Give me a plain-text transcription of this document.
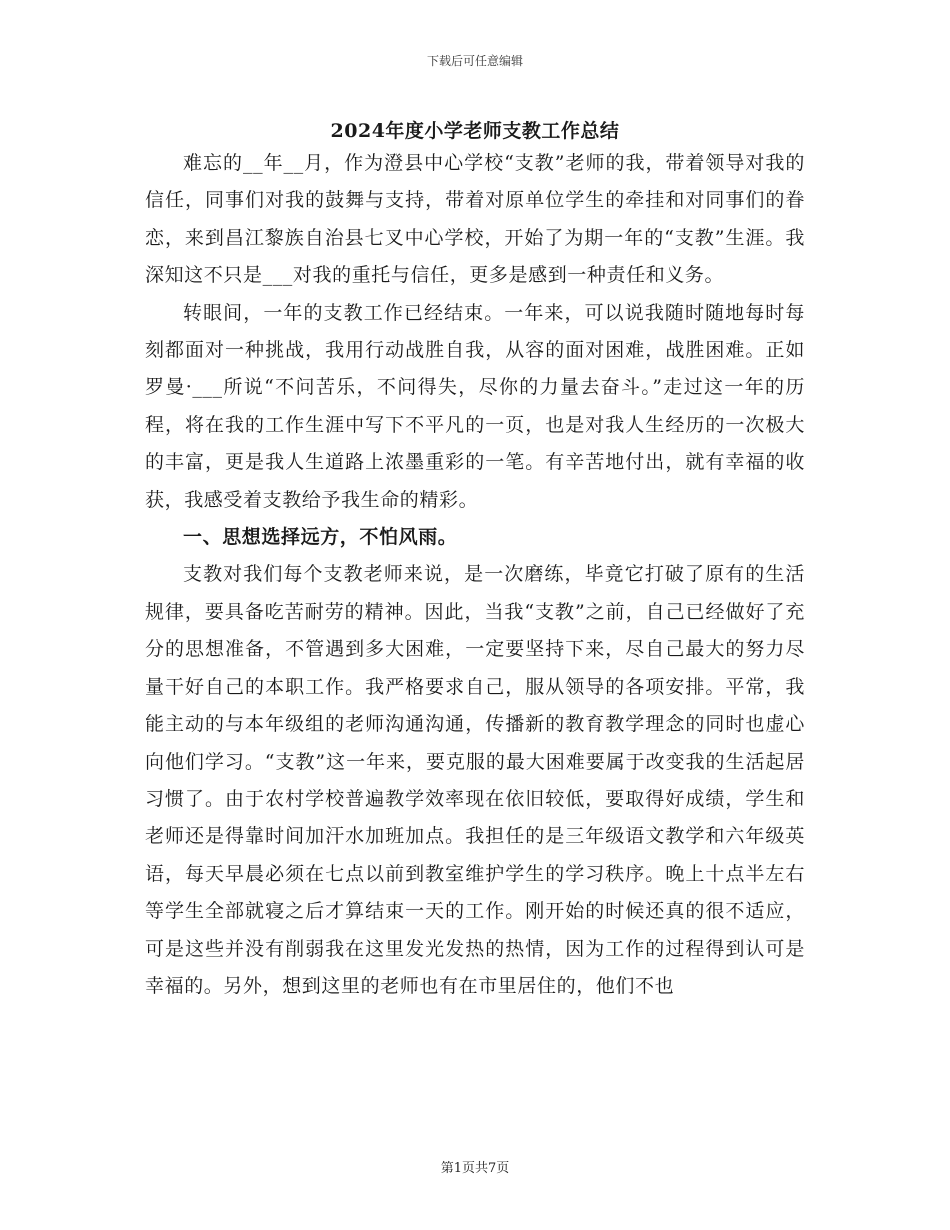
下载后可任意编辑
2024年度小学老师支教工作总结

难忘的__年__月，作为澄县中心学校“支教”老师的我，带着领导对我的信任，同事们对我的鼓舞与支持，带着对原单位学生的牵挂和对同事们的眷恋，来到昌江黎族自治县七叉中心学校，开始了为期一年的“支教”生涯。我深知这不只是___对我的重托与信任，更多是感到一种责任和义务。

转眼间，一年的支教工作已经结束。一年来，可以说我随时随地每时每刻都面对一种挑战，我用行动战胜自我，从容的面对困难，战胜困难。正如罗曼·___所说“不问苦乐，不问得失，尽你的力量去奋斗。”走过这一年的历程，将在我的工作生涯中写下不平凡的一页，也是对我人生经历的一次极大的丰富，更是我人生道路上浓墨重彩的一笔。有辛苦地付出，就有幸福的收获，我感受着支教给予我生命的精彩。

一、思想选择远方，不怕风雨。

支教对我们每个支教老师来说，是一次磨练，毕竟它打破了原有的生活规律，要具备吃苦耐劳的精神。因此，当我“支教”之前，自己已经做好了充分的思想准备，不管遇到多大困难，一定要坚持下来，尽自己最大的努力尽量干好自己的本职工作。我严格要求自己，服从领导的各项安排。平常，我能主动的与本年级组的老师沟通沟通，传播新的教育教学理念的同时也虚心向他们学习。“支教”这一年来，要克服的最大困难要属于改变我的生活起居习惯了。由于农村学校普遍教学效率现在依旧较低，要取得好成绩，学生和老师还是得靠时间加汗水加班加点。我担任的是三年级语文教学和六年级英语，每天早晨必须在七点以前到教室维护学生的学习秩序。晚上十点半左右等学生全部就寝之后才算结束一天的工作。刚开始的时候还真的很不适应，可是这些并没有削弱我在这里发光发热的热情，因为工作的过程得到认可是幸福的。另外，想到这里的老师也有在市里居住的，他们不也

第1页共7页
